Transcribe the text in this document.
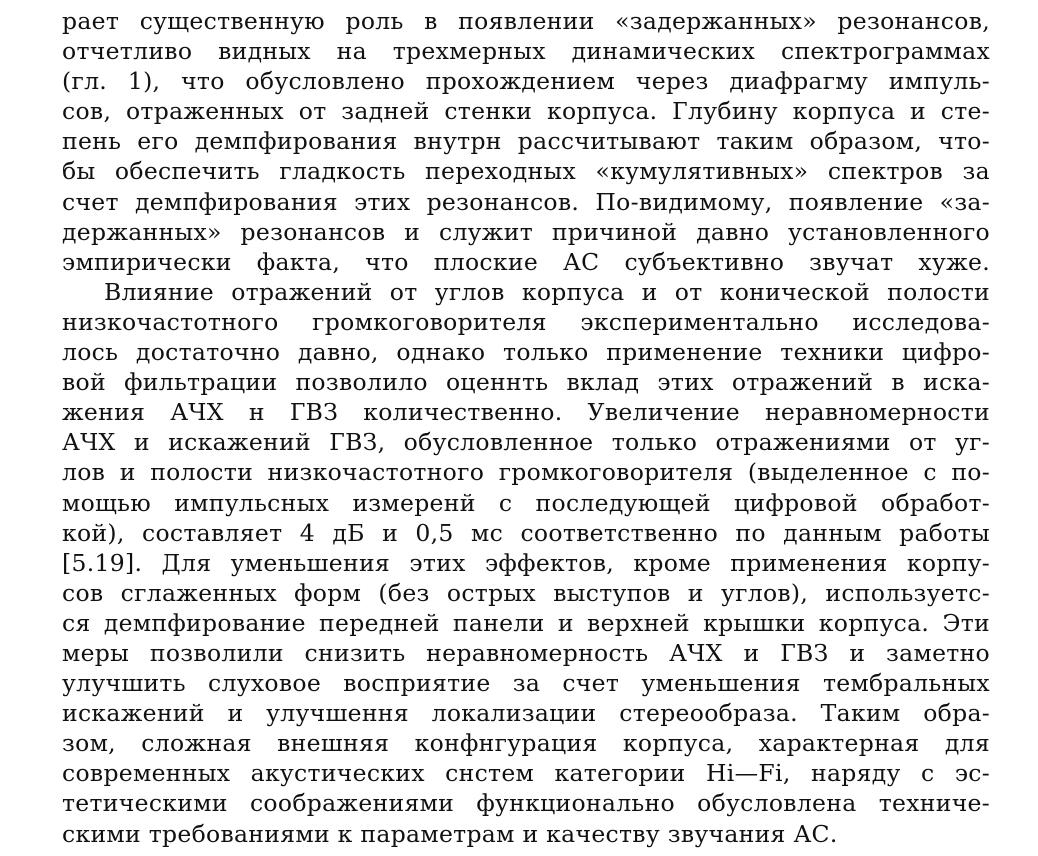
рает существенную роль в появлении «задержанных» резонансов,
отчетливо видных на трехмерных динамических спектрограммах
(гл. 1), что обусловлено прохождением через диафрагму импуль-
сов, отраженных от задней стенки корпуса. Глубину корпуса и сте-
пень его демпфирования внутрн рассчитывают таким образом, что-
бы обеспечить гладкость переходных «кумулятивных» спектров за
счет демпфирования этих резонансов. По-видимому, появление «за-
держанных» резонансов и служит причиной давно установленного
эмпирически факта, что плоские АС субъективно звучат хуже.
Влияние отражений от углов корпуса и от конической полости
низкочастотного громкоговорителя экспериментально исследова-
лось достаточно давно, однако только применение техники цифро-
вой фильтрации позволило оценнть вклад этих отражений в иска-
жения АЧХ н ГВЗ количественно. Увеличение неравномерности
АЧХ и искажений ГВЗ, обусловленное только отражениями от уг-
лов и полости низкочастотного громкоговорителя (выделенное с по-
мощью импульсных измеренй с последующей цифровой обработ-
кой), составляет 4 дБ и 0,5 мс соответственно по данным работы
[5.19]. Для уменьшения этих эффектов, кроме применения корпу-
сов сглаженных форм (без острых выступов и углов), используетс-
ся демпфирование передней панели и верхней крышки корпуса. Эти
меры позволили снизить неравномерность АЧХ и ГВЗ и заметно
улучшить слуховое восприятие за счет уменьшения тембральных
искажений и улучшення локализации стереообраза. Таким обра-
зом, сложная внешняя конфнгурация корпуса, характерная для
современных акустических снстем категории Hi—Fi, наряду с эс-
тетическими соображениями функционально обусловлена техниче-
скими требованиями к параметрам и качеству звучания АС.
